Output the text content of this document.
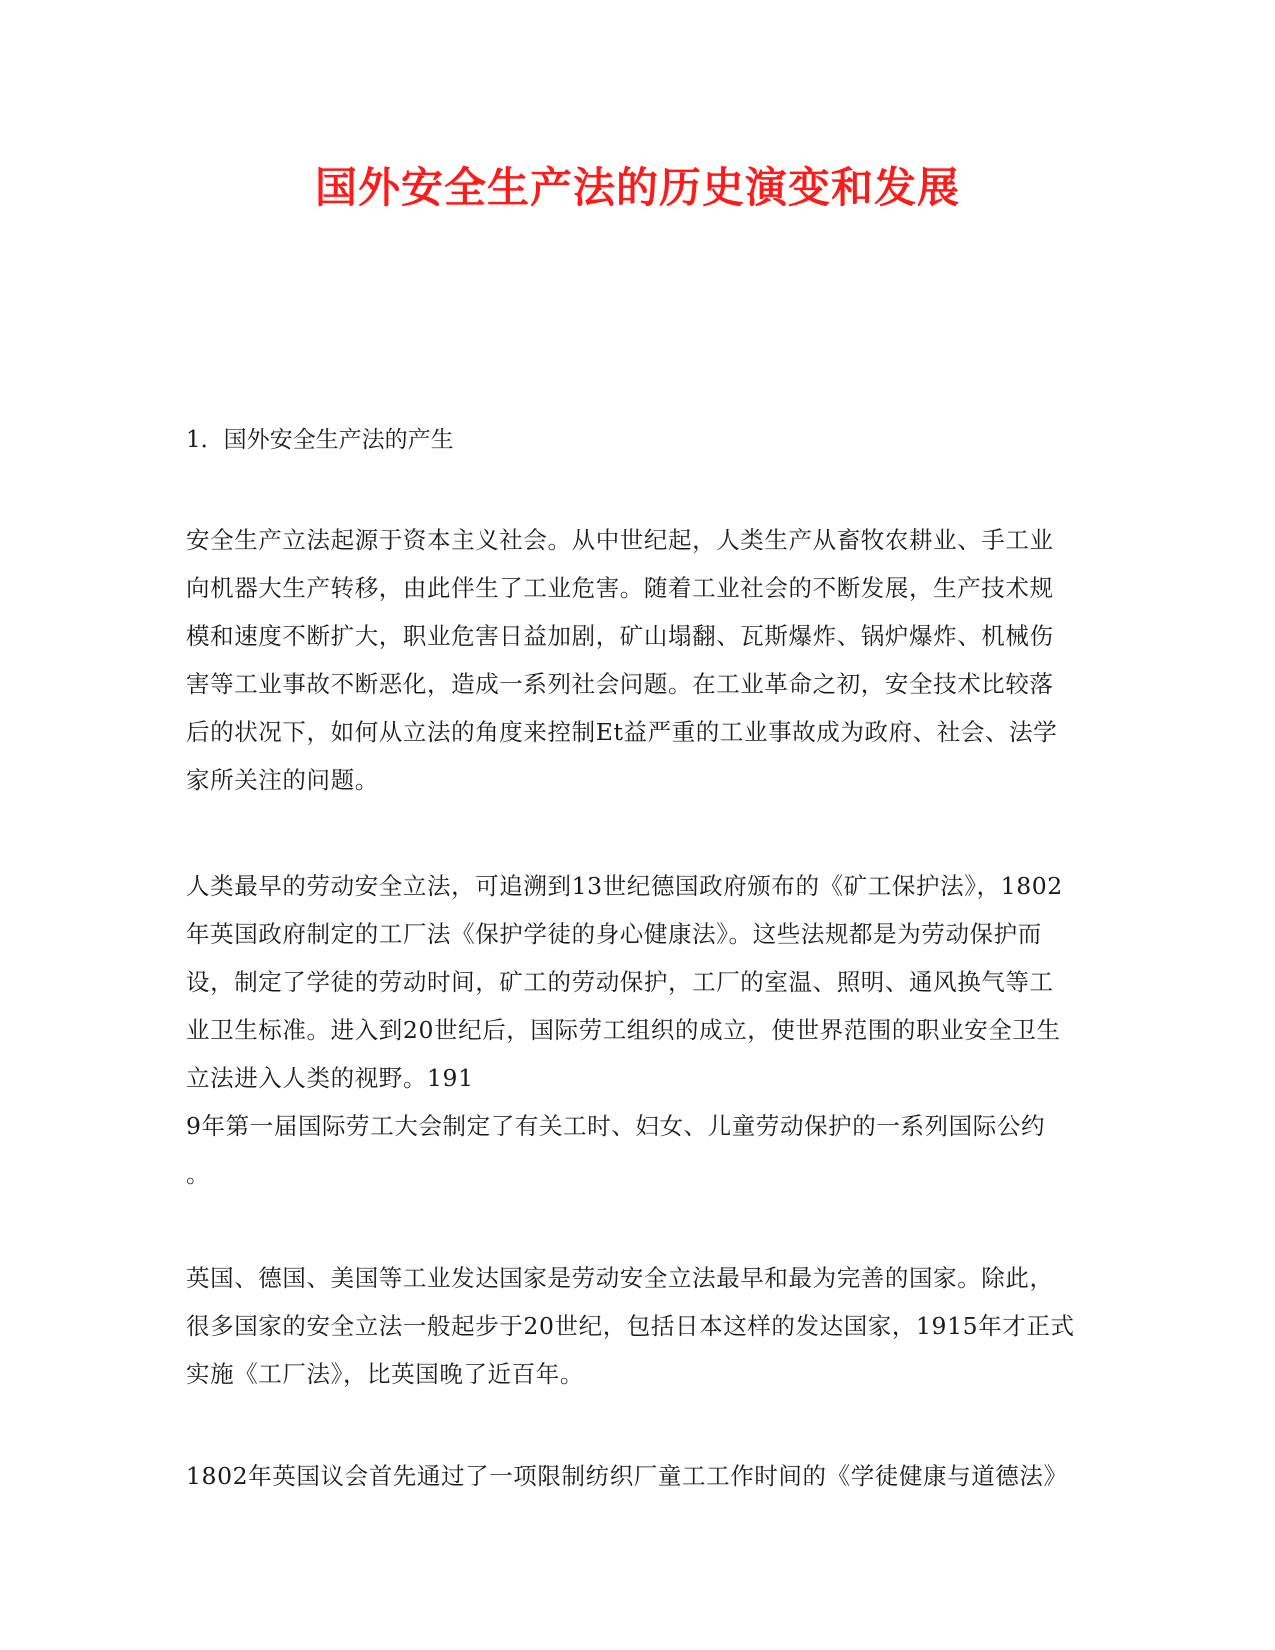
国外安全生产法的历史演变和发展
1．国外安全生产法的产生
安全生产立法起源于资本主义社会。从中世纪起，人类生产从畜牧农耕业、手工业
向机器大生产转移，由此伴生了工业危害。随着工业社会的不断发展，生产技术规
模和速度不断扩大，职业危害日益加剧，矿山塌翻、瓦斯爆炸、锅炉爆炸、机械伤
害等工业事故不断恶化，造成一系列社会问题。在工业革命之初，安全技术比较落
后的状况下，如何从立法的角度来控制Et益严重的工业事故成为政府、社会、法学
家所关注的问题。
人类最早的劳动安全立法，可追溯到13世纪德国政府颁布的《矿工保护法》，1802
年英国政府制定的工厂法《保护学徒的身心健康法》。这些法规都是为劳动保护而
设，制定了学徒的劳动时间，矿工的劳动保护，工厂的室温、照明、通风换气等工
业卫生标准。进入到20世纪后，国际劳工组织的成立，使世界范围的职业安全卫生
立法进入人类的视野。191
9年第一届国际劳工大会制定了有关工时、妇女、儿童劳动保护的一系列国际公约
。
英国、德国、美国等工业发达国家是劳动安全立法最早和最为完善的国家。除此，
很多国家的安全立法一般起步于20世纪，包括日本这样的发达国家，1915年才正式
实施《工厂法》，比英国晚了近百年。
1802年英国议会首先通过了一项限制纺织厂童工工作时间的《学徒健康与道德法》
